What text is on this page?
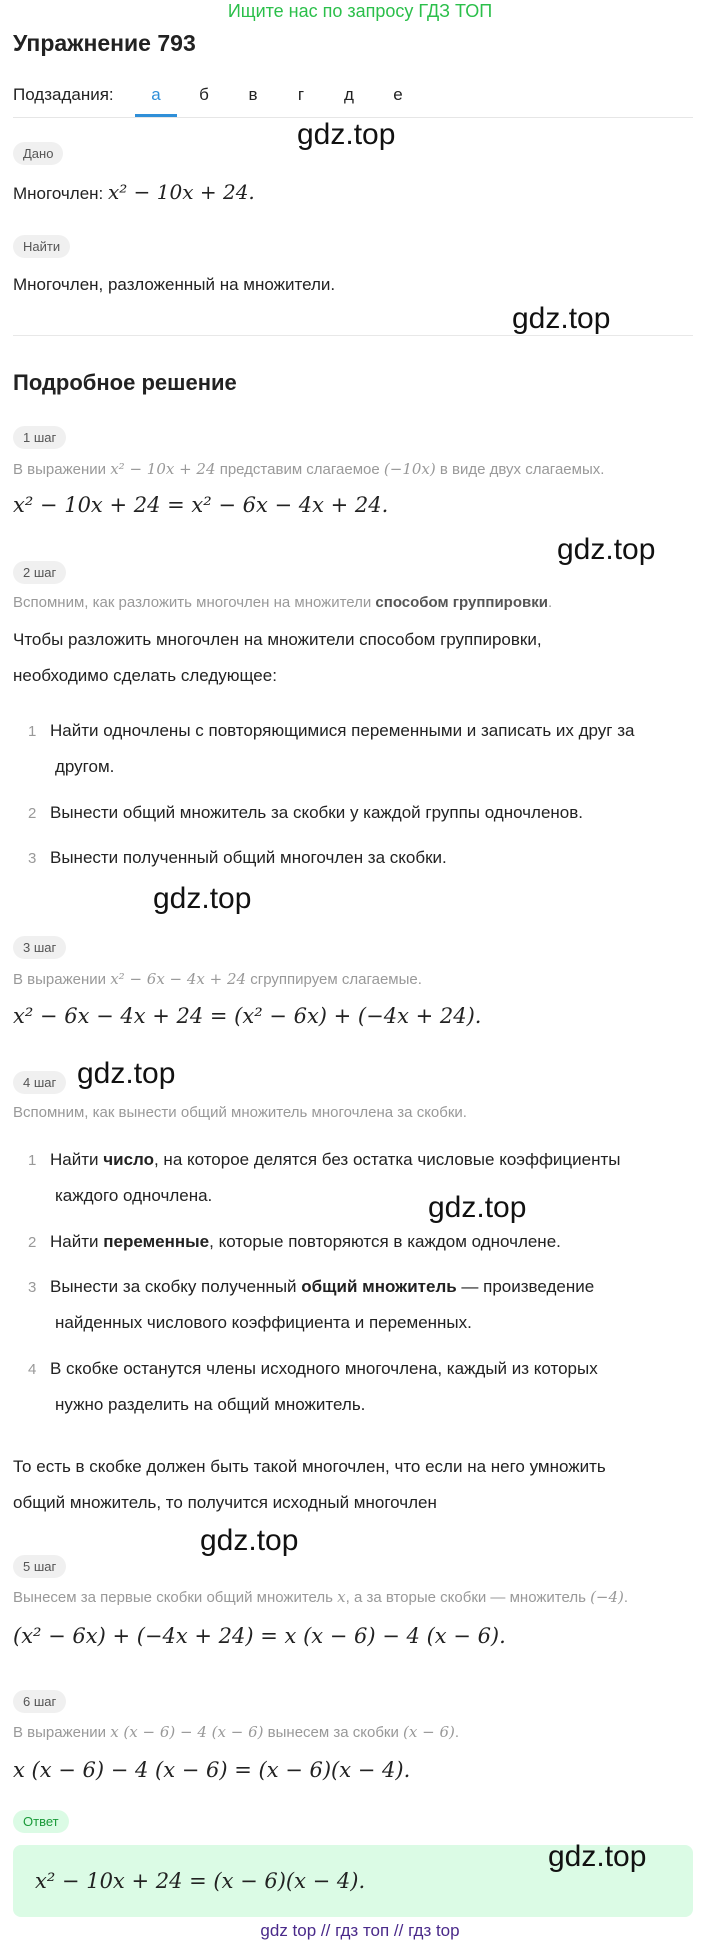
Ищите нас по запросу ГДЗ ТОП
Упражнение 793
Подзадания:	а	б	в	г	д	е
Дано
Многочлен: x² − 10x + 24.
Найти
Многочлен, разложенный на множители.
Подробное решение
1 шаг
В выражении x² − 10x + 24 представим слагаемое (−10x) в виде двух слагаемых.
x² − 10x + 24 = x² − 6x − 4x + 24.
2 шаг
Вспомним, как разложить многочлен на множители способом группировки.
Чтобы разложить многочлен на множители способом группировки,
необходимо сделать следующее:
1 Найти одночлены с повторяющимися переменными и записать их друг за
другом.
2 Вынести общий множитель за скобки у каждой группы одночленов.
3 Вынести полученный общий многочлен за скобки.
3 шаг
В выражении x² − 6x − 4x + 24 сгруппируем слагаемые.
x² − 6x − 4x + 24 = (x² − 6x) + (−4x + 24).
4 шаг
Вспомним, как вынести общий множитель многочлена за скобки.
1 Найти число, на которое делятся без остатка числовые коэффициенты
каждого одночлена.
2 Найти переменные, которые повторяются в каждом одночлене.
3 Вынести за скобку полученный общий множитель — произведение
найденных числового коэффициента и переменных.
4 В скобке останутся члены исходного многочлена, каждый из которых
нужно разделить на общий множитель.
То есть в скобке должен быть такой многочлен, что если на него умножить
общий множитель, то получится исходный многочлен
5 шаг
Вынесем за первые скобки общий множитель x, а за вторые скобки — множитель (−4).
(x² − 6x) + (−4x + 24) = x (x − 6) − 4 (x − 6).
6 шаг
В выражении x (x − 6) − 4 (x − 6) вынесем за скобки (x − 6).
x (x − 6) − 4 (x − 6) = (x − 6)(x − 4).
Ответ
x² − 10x + 24 = (x − 6)(x − 4).
gdz.top
gdz.top
gdz.top
gdz.top
gdz.top
gdz.top
gdz.top
gdz.top
gdz top // гдз топ // гдз top
